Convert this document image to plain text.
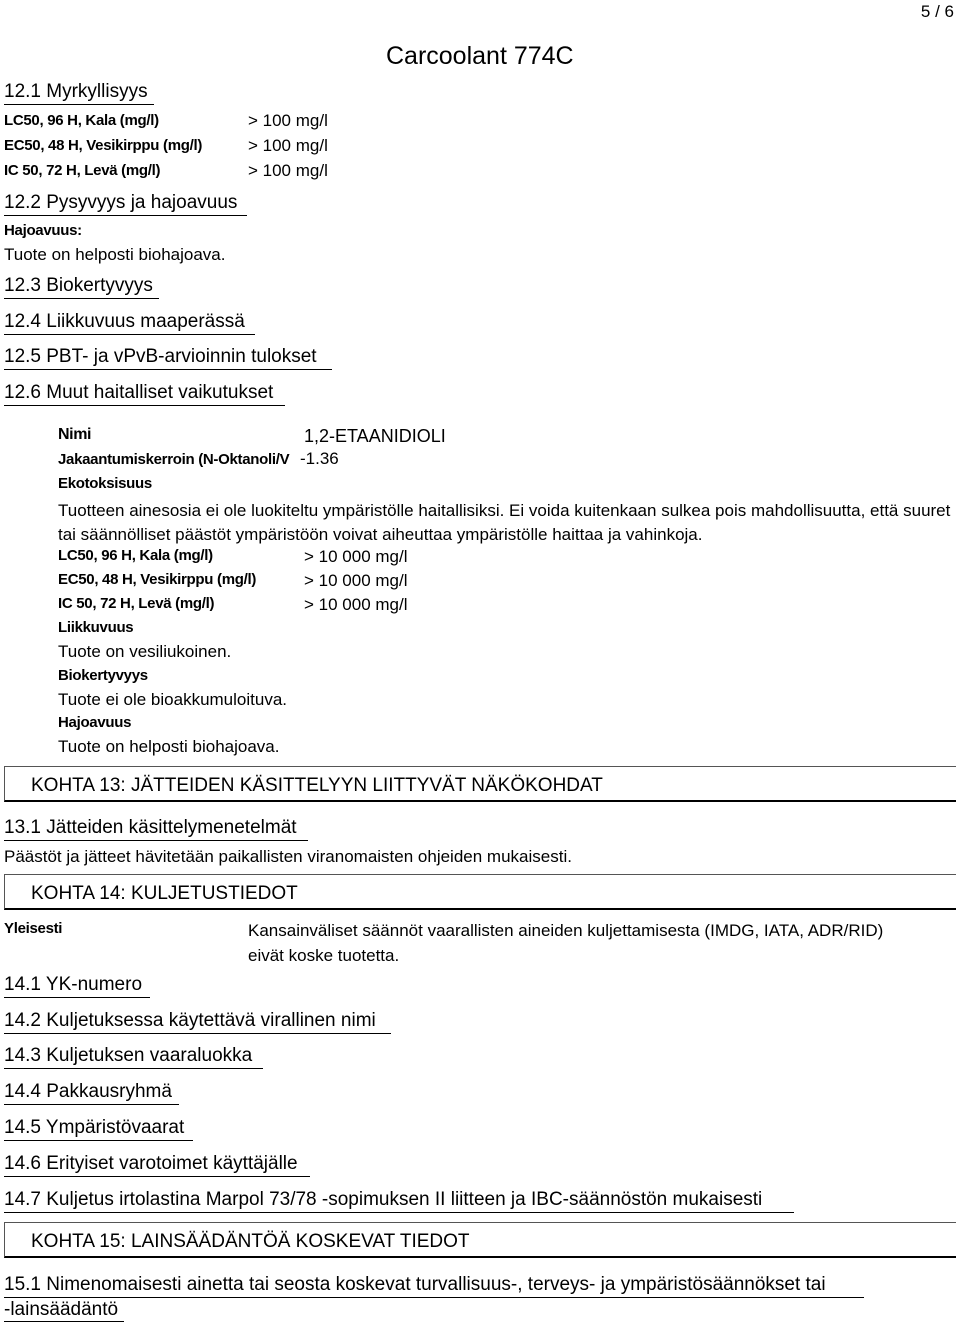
5 / 6
Carcoolant 774C
12.1 Myrkyllisyys
LC50, 96 H, Kala (mg/l)	> 100 mg/l
EC50, 48 H, Vesikirppu (mg/l)	> 100 mg/l
IC 50, 72 H, Levä (mg/l)	> 100 mg/l
12.2 Pysyvyys ja hajoavuus
Hajoavuus:
Tuote on helposti biohajoava.
12.3 Biokertyvyys
12.4 Liikkuvuus maaperässä
12.5 PBT- ja vPvB-arvioinnin tulokset
12.6 Muut haitalliset vaikutukset
Nimi	1,2-ETAANIDIOLI
Jakaantumiskerroin (N-Oktanoli/V -1.36
Ekotoksisuus
Tuotteen ainesosia ei ole luokiteltu ympäristölle haitallisiksi. Ei voida kuitenkaan sulkea pois mahdollisuutta, että suuret tai säännölliset päästöt ympäristöön voivat aiheuttaa ympäristölle haittaa ja vahinkoja.
LC50, 96 H, Kala (mg/l)	> 10 000 mg/l
EC50, 48 H, Vesikirppu (mg/l)	> 10 000 mg/l
IC 50, 72 H, Levä (mg/l)	> 10 000 mg/l
Liikkuvuus
Tuote on vesiliukoinen.
Biokertyvyys
Tuote ei ole bioakkumuloituva.
Hajoavuus
Tuote on helposti biohajoava.
KOHTA 13: JÄTTEIDEN KÄSITTELYYN LIITTYVÄT NÄKÖKOHDAT
13.1 Jätteiden käsittelymenetelmät
Päästöt ja jätteet hävitetään paikallisten viranomaisten ohjeiden mukaisesti.
KOHTA 14: KULJETUSTIEDOT
Yleisesti	Kansainväliset säännöt vaarallisten aineiden kuljettamisesta (IMDG, IATA, ADR/RID) eivät koske tuotetta.
14.1 YK-numero
14.2 Kuljetuksessa käytettävä virallinen nimi
14.3 Kuljetuksen vaaraluokka
14.4 Pakkausryhmä
14.5 Ympäristövaarat
14.6 Erityiset varotoimet käyttäjälle
14.7 Kuljetus irtolastina Marpol 73/78 -sopimuksen II liitteen ja IBC-säännöstön mukaisesti
KOHTA 15: LAINSÄÄDÄNTÖÄ KOSKEVAT TIEDOT
15.1 Nimenomaisesti ainetta tai seosta koskevat turvallisuus-, terveys- ja ympäristösäännökset tai
-lainsäädäntö
